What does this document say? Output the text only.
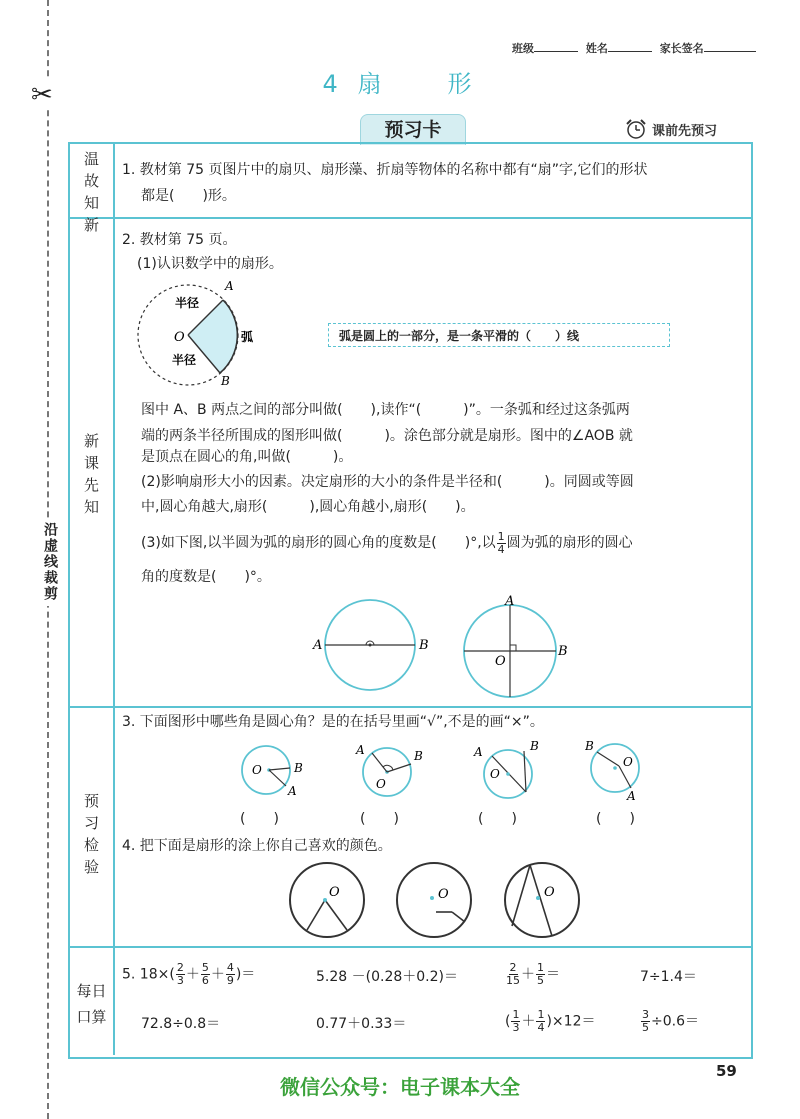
✂
沿虚线裁剪
班级	姓名	家长签名
4 扇　　形
预习卡	课前先预习
温故知新
新课先知
预习检验
每日口算
1. 教材第 75 页图片中的扇贝、扇形藻、折扇等物体的名称中都有“扇”字,它们的形状
都是(　　)形。
2. 教材第 75 页。
(1)认识数学中的扇形。
半径
半径
弧
O
A
B
弧是圆上的一部分，是一条平滑的（　　）线
图中 A、B 两点之间的部分叫做(　　),读作“(　　　)”。一条弧和经过这条弧两
端的两条半径所围成的图形叫做(　　　)。涂色部分就是扇形。图中的∠AOB 就
是顶点在圆心的角,叫做(　　　)。
(2)影响扇形大小的因素。决定扇形的大小的条件是半径和(　　　)。同圆或等圆
中,圆心角越大,扇形(　　　),圆心角越小,扇形(　　)。
(3)如下图,以半圆为弧的扇形的圆心角的度数是(　　)°,以 $\frac{1}{4}$ 圆为弧的扇形的圆心
角的度数是(　　)°。
A	B
A
B
O
3. 下面图形中哪些角是圆心角？是的在括号里画“√”,不是的画“×”。
O	B
A
A	B
O
A	B
O
B
O
A
(　　)	(　　)	(　　)	(　　)
4. 把下面是扇形的涂上你自己喜欢的颜色。
O	O	O
5. $18\times( \frac{2}{3} + \frac{5}{6} + \frac{4}{9}$ )＝	5.28 －(0.28＋0.2)＝	$\frac{2}{15} + \frac{1}{5}$ ＝	7÷1.4＝
72.8÷0.8＝	0.77＋0.33＝	( $\frac{1}{3} + \frac{1}{4} )\times 12=$	$\frac{3}{5} \div 0.6=$
59
微信公众号：电子课本大全
